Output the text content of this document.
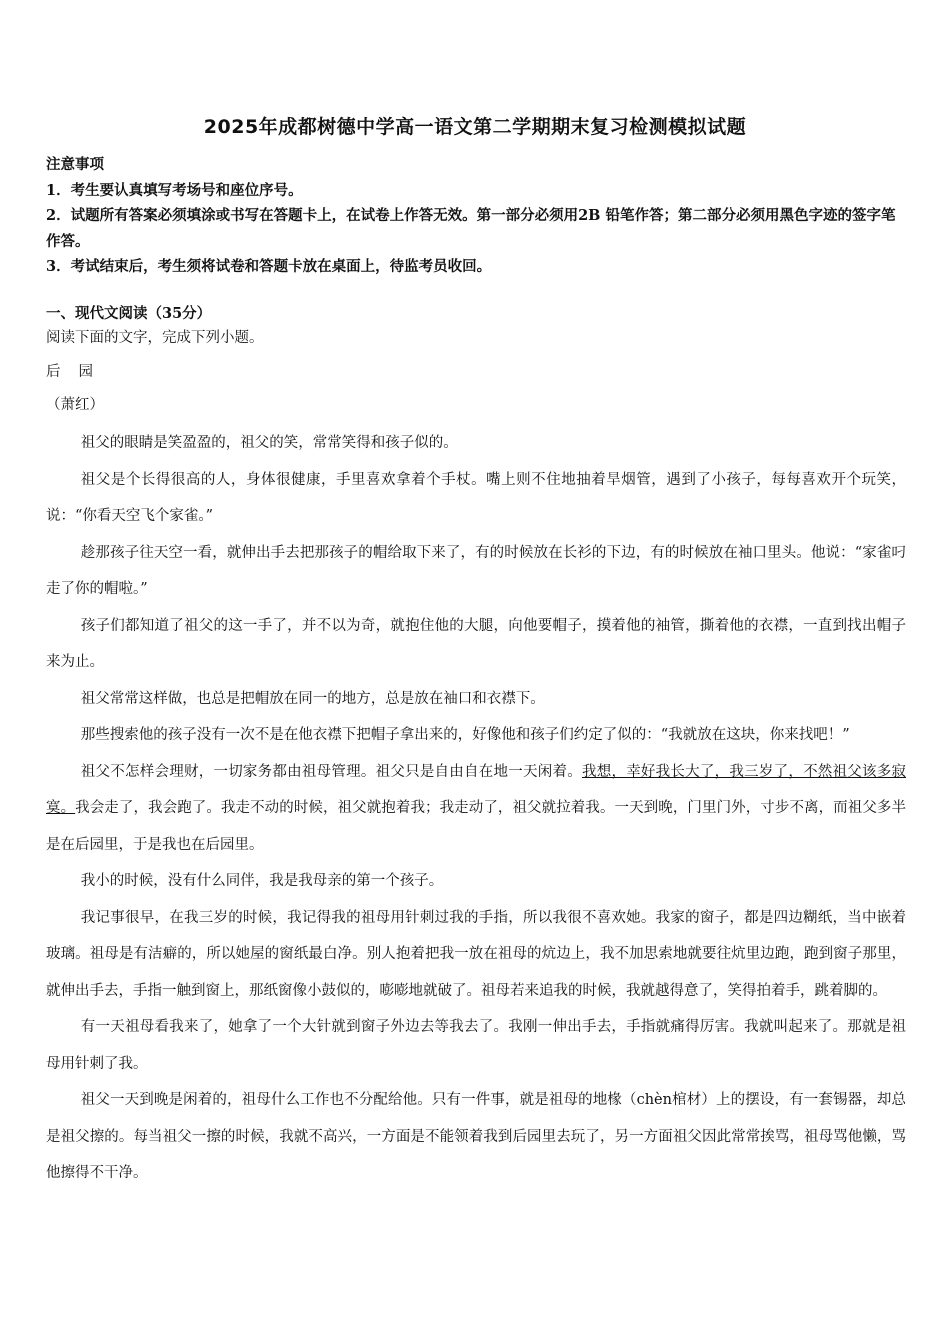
2025年成都树德中学高一语文第二学期期末复习检测模拟试题
注意事项
1．考生要认真填写考场号和座位序号。
2．试题所有答案必须填涂或书写在答题卡上，在试卷上作答无效。第一部分必须用2B 铅笔作答；第二部分必须用黑色字迹的签字笔作答。
3．考试结束后，考生须将试卷和答题卡放在桌面上，待监考员收回。
一、现代文阅读（35分）
阅读下面的文字，完成下列小题。
后园
（萧红）

祖父的眼睛是笑盈盈的，祖父的笑，常常笑得和孩子似的。

祖父是个长得很高的人，身体很健康，手里喜欢拿着个手杖。嘴上则不住地抽着旱烟管，遇到了小孩子，每每喜欢开个玩笑，说：“你看天空飞个家雀。”

趁那孩子往天空一看，就伸出手去把那孩子的帽给取下来了，有的时候放在长衫的下边，有的时候放在袖口里头。他说：“家雀叼走了你的帽啦。”

孩子们都知道了祖父的这一手了，并不以为奇，就抱住他的大腿，向他要帽子，摸着他的袖管，撕着他的衣襟，一直到找出帽子来为止。

祖父常常这样做，也总是把帽放在同一的地方，总是放在袖口和衣襟下。

那些搜索他的孩子没有一次不是在他衣襟下把帽子拿出来的，好像他和孩子们约定了似的：“我就放在这块，你来找吧！”

祖父不怎样会理财，一切家务都由祖母管理。祖父只是自由自在地一天闲着。我想，幸好我长大了，我三岁了，不然祖父该多寂寞。我会走了，我会跑了。我走不动的时候，祖父就抱着我；我走动了，祖父就拉着我。一天到晚，门里门外，寸步不离，而祖父多半是在后园里，于是我也在后园里。

我小的时候，没有什么同伴，我是我母亲的第一个孩子。

我记事很早，在我三岁的时候，我记得我的祖母用针刺过我的手指，所以我很不喜欢她。我家的窗子，都是四边糊纸，当中嵌着玻璃。祖母是有洁癖的，所以她屋的窗纸最白净。别人抱着把我一放在祖母的炕边上，我不加思索地就要往炕里边跑，跑到窗子那里，就伸出手去，手指一触到窗上，那纸窗像小鼓似的，嘭嘭地就破了。祖母若来追我的时候，我就越得意了，笑得拍着手，跳着脚的。

有一天祖母看我来了，她拿了一个大针就到窗子外边去等我去了。我刚一伸出手去，手指就痛得厉害。我就叫起来了。那就是祖母用针刺了我。

祖父一天到晚是闲着的，祖母什么工作也不分配给他。只有一件事，就是祖母的地椽（chèn棺材）上的摆设，有一套锡器，却总是祖父擦的。每当祖父一擦的时候，我就不高兴，一方面是不能领着我到后园里去玩了，另一方面祖父因此常常挨骂，祖母骂他懒，骂他擦得不干净。
